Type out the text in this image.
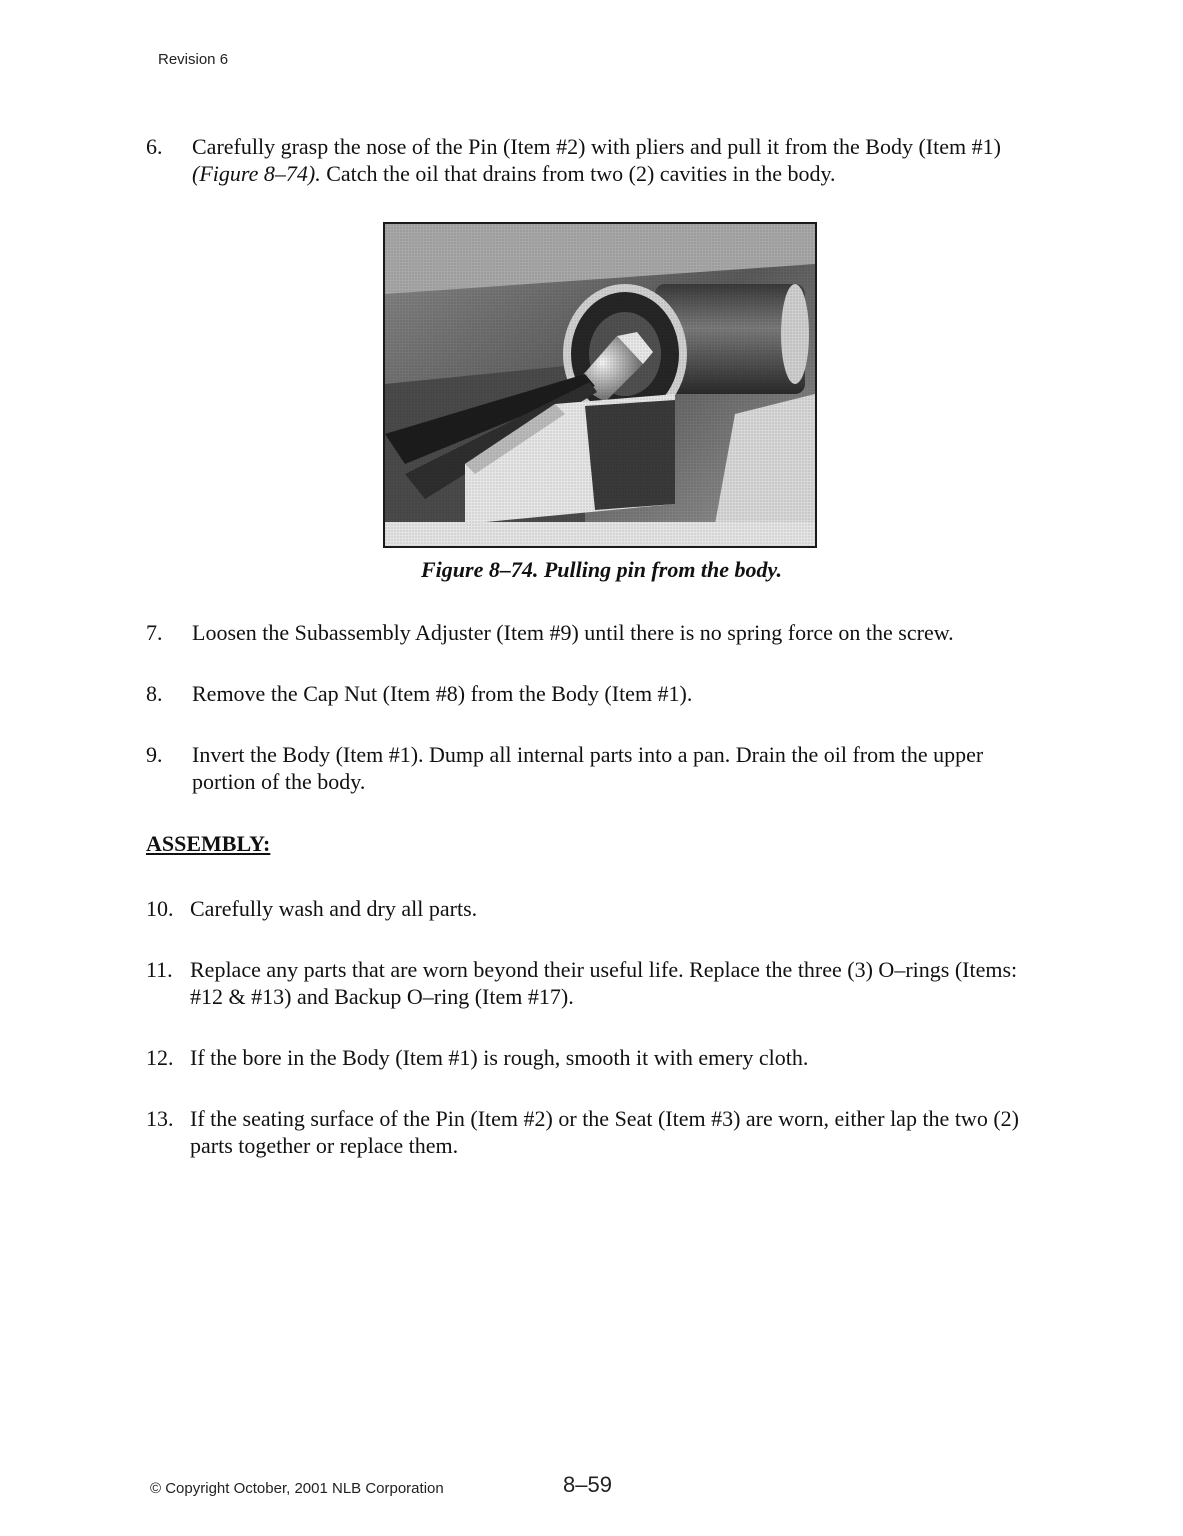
Revision 6
6. Carefully grasp the nose of the Pin (Item #2) with pliers and pull it from the Body (Item #1) (Figure 8–74). Catch the oil that drains from two (2) cavities in the body.
Figure 8–74. Pulling pin from the body.
7. Loosen the Subassembly Adjuster (Item #9) until there is no spring force on the screw.
8. Remove the Cap Nut (Item #8) from the Body (Item #1).
9. Invert the Body (Item #1). Dump all internal parts into a pan. Drain the oil from the upper portion of the body.
ASSEMBLY:
10. Carefully wash and dry all parts.
11. Replace any parts that are worn beyond their useful life. Replace the three (3) O–rings (Items: #12 & #13) and Backup O–ring (Item #17).
12. If the bore in the Body (Item #1) is rough, smooth it with emery cloth.
13. If the seating surface of the Pin (Item #2) or the Seat (Item #3) are worn, either lap the two (2) parts together or replace them.
© Copyright October, 2001 NLB Corporation	8–59
